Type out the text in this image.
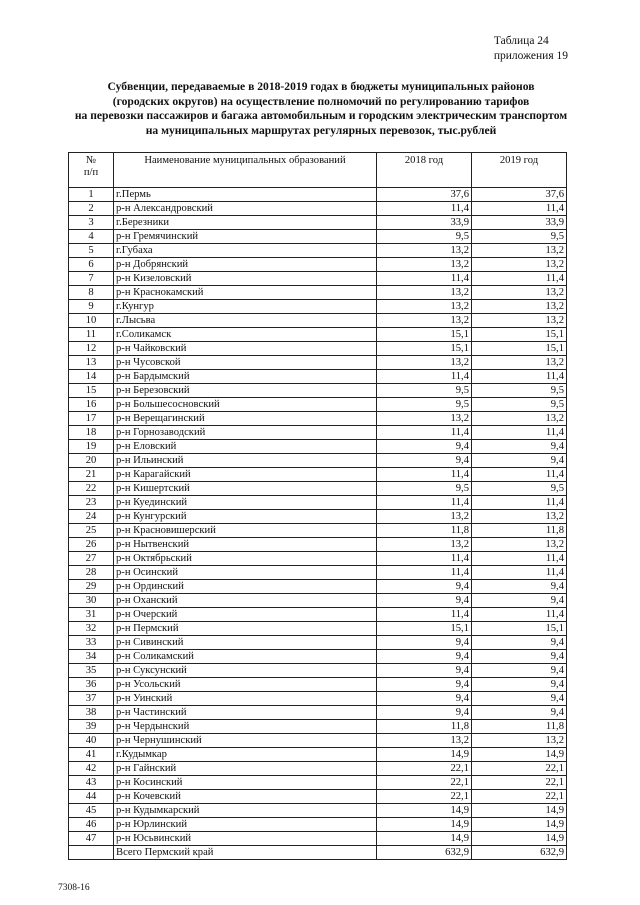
Таблица 24
приложения 19
Субвенции, передаваемые в 2018-2019 годах в бюджеты муниципальных районов
(городских округов) на осуществление полномочий по регулированию тарифов
на перевозки пассажиров и багажа автомобильным и городским электрическим транспортом
на муниципальных маршрутах регулярных перевозок, тыс.рублей
№
п/п	Наименование муниципальных образований	2018 год	2019 год
1	г.Пермь	37,6	37,6
2	р-н Александровский	11,4	11,4
3	г.Березники	33,9	33,9
4	р-н Гремячинский	9,5	9,5
5	г.Губаха	13,2	13,2
6	р-н Добрянский	13,2	13,2
7	р-н Кизеловский	11,4	11,4
8	р-н Краснокамский	13,2	13,2
9	г.Кунгур	13,2	13,2
10	г.Лысьва	13,2	13,2
11	г.Соликамск	15,1	15,1
12	р-н Чайковский	15,1	15,1
13	р-н Чусовской	13,2	13,2
14	р-н Бардымский	11,4	11,4
15	р-н Березовский	9,5	9,5
16	р-н Большесосновский	9,5	9,5
17	р-н Верещагинский	13,2	13,2
18	р-н Горнозаводский	11,4	11,4
19	р-н Еловский	9,4	9,4
20	р-н Ильинский	9,4	9,4
21	р-н Карагайский	11,4	11,4
22	р-н Кишертский	9,5	9,5
23	р-н Куединский	11,4	11,4
24	р-н Кунгурский	13,2	13,2
25	р-н Красновишерский	11,8	11,8
26	р-н Нытвенский	13,2	13,2
27	р-н Октябрьский	11,4	11,4
28	р-н Осинский	11,4	11,4
29	р-н Ординский	9,4	9,4
30	р-н Оханский	9,4	9,4
31	р-н Очерский	11,4	11,4
32	р-н Пермский	15,1	15,1
33	р-н Сивинский	9,4	9,4
34	р-н Соликамский	9,4	9,4
35	р-н Суксунский	9,4	9,4
36	р-н Усольский	9,4	9,4
37	р-н Уинский	9,4	9,4
38	р-н Частинский	9,4	9,4
39	р-н Чердынский	11,8	11,8
40	р-н Чернушинский	13,2	13,2
41	г.Кудымкар	14,9	14,9
42	р-н Гайнский	22,1	22,1
43	р-н Косинский	22,1	22,1
44	р-н Кочевский	22,1	22,1
45	р-н Кудымкарский	14,9	14,9
46	р-н Юрлинский	14,9	14,9
47	р-н Юсьвинский	14,9	14,9
	Всего Пермский край	632,9	632,9
7308-16
